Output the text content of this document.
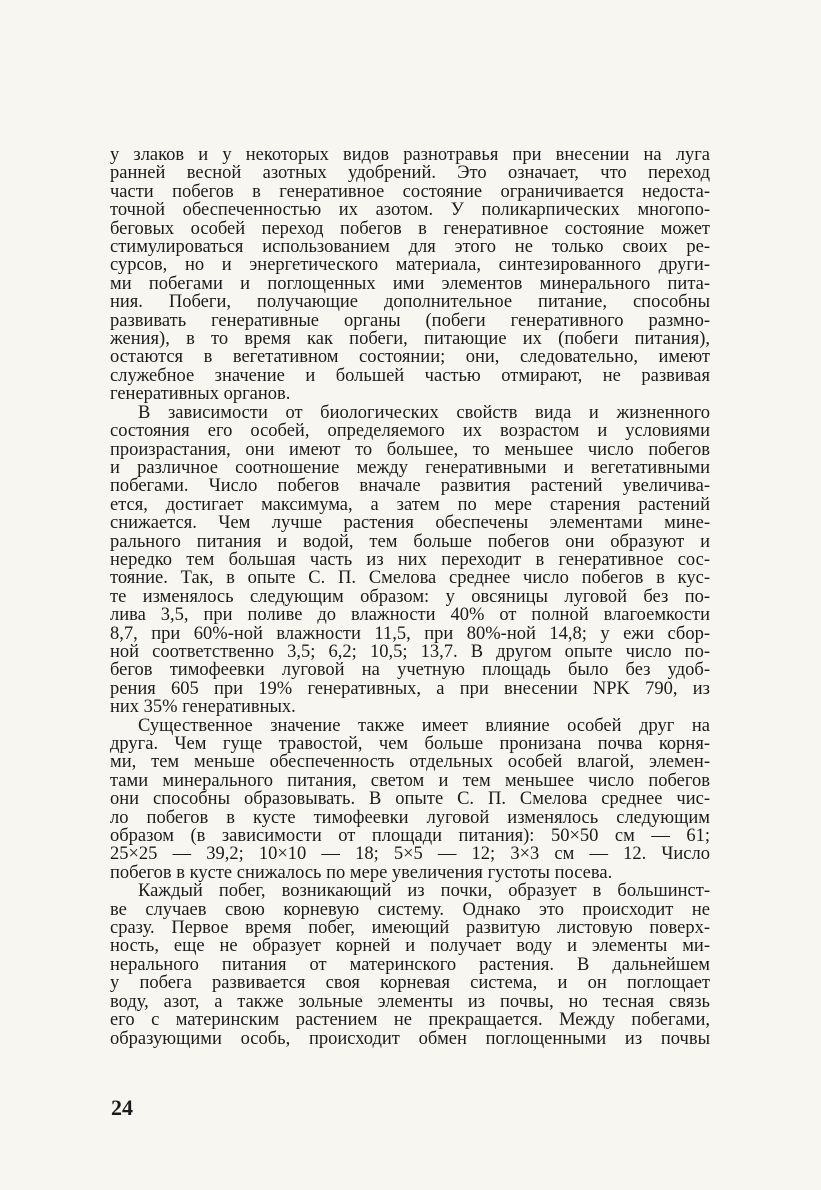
у злаков и у некоторых видов разнотравья при внесении на луга
ранней весной азотных удобрений. Это означает, что переход
части побегов в генеративное состояние ограничивается недоста-
точной обеспеченностью их азотом. У поликарпических многопо-
беговых особей переход побегов в генеративное состояние может
стимулироваться использованием для этого не только своих ре-
сурсов, но и энергетического материала, синтезированного други-
ми побегами и поглощенных ими элементов минерального пита-
ния. Побеги, получающие дополнительное питание, способны
развивать генеративные органы (побеги генеративного размно-
жения), в то время как побеги, питающие их (побеги питания),
остаются в вегетативном состоянии; они, следовательно, имеют
служебное значение и большей частью отмирают, не развивая
генеративных органов.
В зависимости от биологических свойств вида и жизненного
состояния его особей, определяемого их возрастом и условиями
произрастания, они имеют то большее, то меньшее число побегов
и различное соотношение между генеративными и вегетативными
побегами. Число побегов вначале развития растений увеличива-
ется, достигает максимума, а затем по мере старения растений
снижается. Чем лучше растения обеспечены элементами мине-
рального питания и водой, тем больше побегов они образуют и
нередко тем большая часть из них переходит в генеративное сос-
тояние. Так, в опыте С. П. Смелова среднее число побегов в кус-
те изменялось следующим образом: у овсяницы луговой без по-
лива 3,5, при поливе до влажности 40% от полной влагоемкости
8,7, при 60%-ной влажности 11,5, при 80%-ной 14,8; у ежи сбор-
ной соответственно 3,5; 6,2; 10,5; 13,7. В другом опыте число по-
бегов тимофеевки луговой на учетную площадь было без удоб-
рения 605 при 19% генеративных, а при внесении NPK 790, из
них 35% генеративных.
Существенное значение также имеет влияние особей друг на
друга. Чем гуще травостой, чем больше пронизана почва корня-
ми, тем меньше обеспеченность отдельных особей влагой, элемен-
тами минерального питания, светом и тем меньшее число побегов
они способны образовывать. В опыте С. П. Смелова среднее чис-
ло побегов в кусте тимофеевки луговой изменялось следующим
образом (в зависимости от площади питания): 50×50 см — 61;
25×25 — 39,2; 10×10 — 18; 5×5 — 12; 3×3 см — 12. Число
побегов в кусте снижалось по мере увеличения густоты посева.
Каждый побег, возникающий из почки, образует в большинст-
ве случаев свою корневую систему. Однако это происходит не
сразу. Первое время побег, имеющий развитую листовую поверх-
ность, еще не образует корней и получает воду и элементы ми-
нерального питания от материнского растения. В дальнейшем
у побега развивается своя корневая система, и он поглощает
воду, азот, а также зольные элементы из почвы, но тесная связь
его с материнским растением не прекращается. Между побегами,
образующими особь, происходит обмен поглощенными из почвы
24
